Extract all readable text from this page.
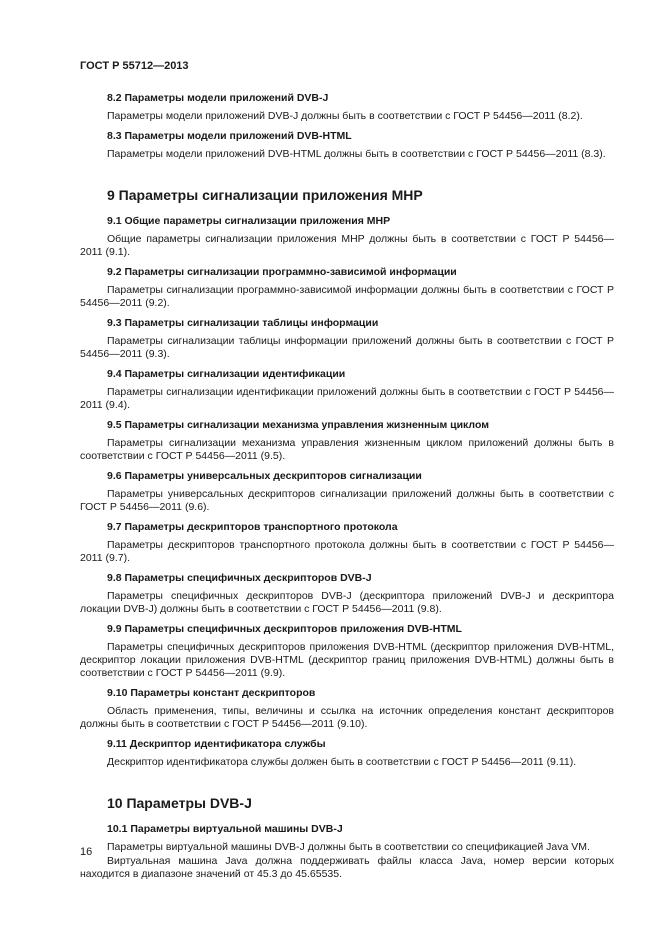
ГОСТ Р 55712—2013
8.2 Параметры модели приложений DVB-J
Параметры модели приложений DVB-J должны быть в соответствии с ГОСТ Р 54456—2011 (8.2).
8.3 Параметры модели приложений DVB-HTML
Параметры модели приложений DVB-HTML должны быть в соответствии с ГОСТ Р 54456—2011 (8.3).
9 Параметры сигнализации приложения MHP
9.1 Общие параметры сигнализации приложения MHP
Общие параметры сигнализации приложения MHP должны быть в соответствии с ГОСТ Р 54456—2011 (9.1).
9.2 Параметры сигнализации программно-зависимой информации
Параметры сигнализации программно-зависимой информации должны быть в соответствии с ГОСТ Р 54456—2011 (9.2).
9.3 Параметры сигнализации таблицы информации
Параметры сигнализации таблицы информации приложений должны быть в соответствии с ГОСТ Р 54456—2011 (9.3).
9.4 Параметры сигнализации идентификации
Параметры сигнализации идентификации приложений должны быть в соответствии с ГОСТ Р 54456—2011 (9.4).
9.5 Параметры сигнализации механизма управления жизненным циклом
Параметры сигнализации механизма управления жизненным циклом приложений должны быть в соответствии с ГОСТ Р 54456—2011 (9.5).
9.6 Параметры универсальных дескрипторов сигнализации
Параметры универсальных дескрипторов сигнализации приложений должны быть в соответствии с ГОСТ Р 54456—2011 (9.6).
9.7 Параметры дескрипторов транспортного протокола
Параметры дескрипторов транспортного протокола должны быть в соответствии с ГОСТ Р 54456—2011 (9.7).
9.8 Параметры специфичных дескрипторов DVB-J
Параметры специфичных дескрипторов DVB-J (дескриптора приложений DVB-J и дескриптора локации DVB-J) должны быть в соответствии с ГОСТ Р 54456—2011 (9.8).
9.9 Параметры специфичных дескрипторов приложения DVB-HTML
Параметры специфичных дескрипторов приложения DVB-HTML (дескриптор приложения DVB-HTML, дескриптор локации приложения DVB-HTML (дескриптор границ приложения DVB-HTML) должны быть в соответствии с ГОСТ Р 54456—2011 (9.9).
9.10 Параметры констант дескрипторов
Область применения, типы, величины и ссылка на источник определения констант дескрипторов должны быть в соответствии с ГОСТ Р 54456—2011 (9.10).
9.11 Дескриптор идентификатора службы
Дескриптор идентификатора службы должен быть в соответствии с ГОСТ Р 54456—2011 (9.11).
10 Параметры DVB-J
10.1 Параметры виртуальной машины DVB-J
Параметры виртуальной машины DVB-J должны быть в соответствии со спецификацией Java VM.
Виртуальная машина Java должна поддерживать файлы класса Java, номер версии которых находится в диапазоне значений от 45.3 до 45.65535.
16
